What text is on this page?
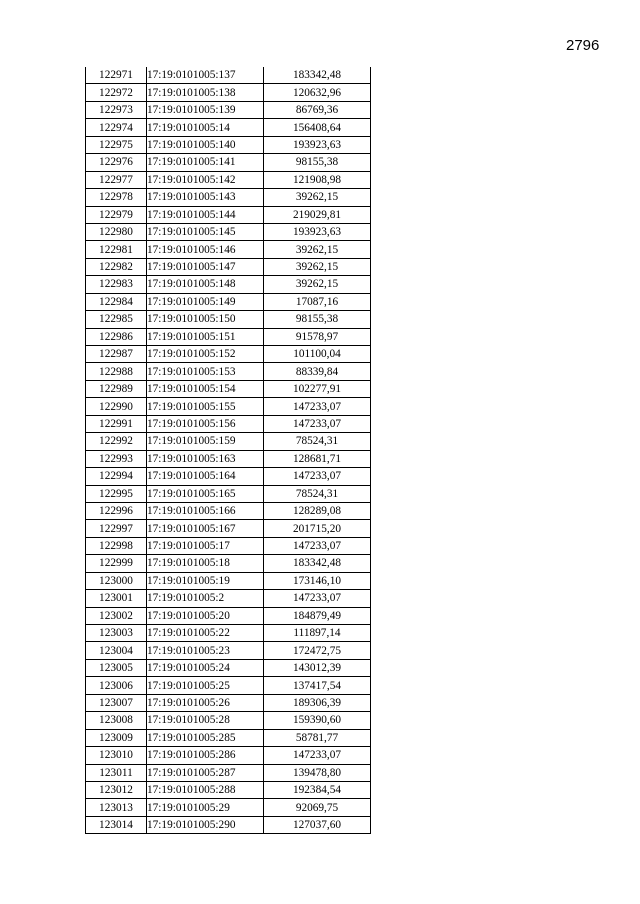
2796
122971	17:19:0101005:137	183342,48
122972	17:19:0101005:138	120632,96
122973	17:19:0101005:139	86769,36
122974	17:19:0101005:14	156408,64
122975	17:19:0101005:140	193923,63
122976	17:19:0101005:141	98155,38
122977	17:19:0101005:142	121908,98
122978	17:19:0101005:143	39262,15
122979	17:19:0101005:144	219029,81
122980	17:19:0101005:145	193923,63
122981	17:19:0101005:146	39262,15
122982	17:19:0101005:147	39262,15
122983	17:19:0101005:148	39262,15
122984	17:19:0101005:149	17087,16
122985	17:19:0101005:150	98155,38
122986	17:19:0101005:151	91578,97
122987	17:19:0101005:152	101100,04
122988	17:19:0101005:153	88339,84
122989	17:19:0101005:154	102277,91
122990	17:19:0101005:155	147233,07
122991	17:19:0101005:156	147233,07
122992	17:19:0101005:159	78524,31
122993	17:19:0101005:163	128681,71
122994	17:19:0101005:164	147233,07
122995	17:19:0101005:165	78524,31
122996	17:19:0101005:166	128289,08
122997	17:19:0101005:167	201715,20
122998	17:19:0101005:17	147233,07
122999	17:19:0101005:18	183342,48
123000	17:19:0101005:19	173146,10
123001	17:19:0101005:2	147233,07
123002	17:19:0101005:20	184879,49
123003	17:19:0101005:22	111897,14
123004	17:19:0101005:23	172472,75
123005	17:19:0101005:24	143012,39
123006	17:19:0101005:25	137417,54
123007	17:19:0101005:26	189306,39
123008	17:19:0101005:28	159390,60
123009	17:19:0101005:285	58781,77
123010	17:19:0101005:286	147233,07
123011	17:19:0101005:287	139478,80
123012	17:19:0101005:288	192384,54
123013	17:19:0101005:29	92069,75
123014	17:19:0101005:290	127037,60
